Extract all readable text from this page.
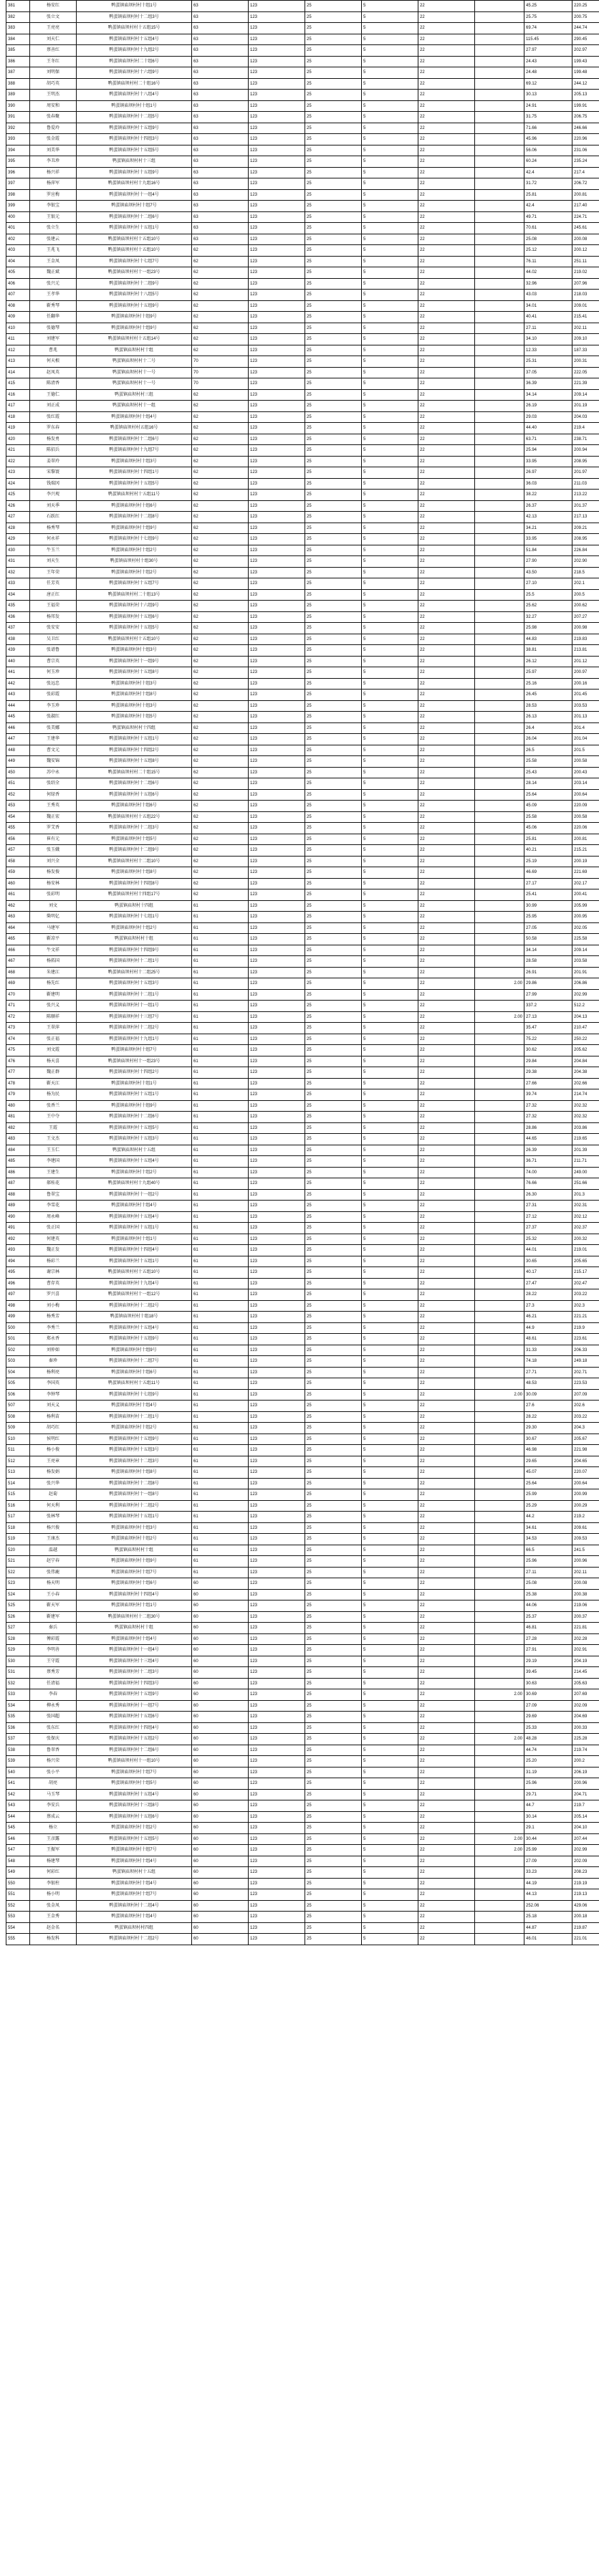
381	杨安红	鸭蛋镇庙坝村村十组1号	63	123	25	5	22		45.25	220.25
382	张立文	鸭蛋镇庙坝村村十二组3号	63	123	25	5	22		25.75	200.75
383	王亮亮	鸭蛋镇庙坝村村十五组15号	63	123	25	5	22		69.74	244.74
384	刘天仁	鸭蛋镇庙坝村村十五组4号	63	123	25	5	22		115.45	290.45
385	蔡善红	鸭蛋镇庙坝村村十九组2号	63	123	25	5	22		27.97	202.97
386	王冬红	鸭蛋镇庙坝村村二十组6号	63	123	25	5	22		24.43	199.43
387	刘明保	鸭蛋镇庙坝村村十六组9号	63	123	25	5	22		24.48	199.48
388	胡巧英	鸭蛋镇庙坝村村二十组16号	63	123	25	5	22		69.12	244.12
389	王明杰	鸭蛋镇庙坝村村十八组4号	63	123	25	5	22		30.13	205.13
390	周安和	鸭蛋镇庙坝村村十组1号	63	123	25	5	22		24.91	199.91
391	张春聚	鸭蛋镇庙坝村村十二组5号	63	123	25	5	22		31.75	206.75
392	鲁爱玲	鸭蛋镇庙坝村村十五组9号	63	123	25	5	22		71.66	246.66
393	张金霞	鸭蛋镇庙坝村村十四组3号	63	123	25	5	22		45.96	220.96
394	刘美华	鸭蛋镇庙坝村村十五组5号	63	123	25	5	22		56.06	231.06
395	李丑珍	鸭蛋镇庙坝村村十三组	63	123	25	5	22		60.24	235.24
396	杨兴祥	鸭蛋镇庙坝村村十五组9号	63	123	25	5	22		42.4	217.4
397	杨萍军	鸭蛋镇庙坝村村十九组16号	63	123	25	5	22		31.72	206.72
398	罗应梅	鸭蛋镇庙坝村村十一组4号	63	123	25	5	22		25.81	200.81
399	李银宝	鸭蛋镇庙坝村村十组7号	63	123	25	5	22		42.4	217.40
400	王银元	鸭蛋镇庙坝村村十二组6号	63	123	25	5	22		49.71	224.71
401	张立生	鸭蛋镇庙坝村村十五组1号	63	123	25	5	22		70.61	245.61
402	张建云	鸭蛋镇庙坝村村十五组10号	63	123	25	5	22		25.08	200.08
403	王兆飞	鸭蛋镇庙坝村村十五组10号	62	123	25	5	22		25.12	200.12
404	王金凤	鸭蛋镇庙坝村村十七组7号	62	123	25	5	22		76.11	251.11
405	魏正斌	鸭蛋镇庙坝村村十一组23号	62	123	25	5	22		44.02	219.02
406	张兴元	鸭蛋镇庙坝村村十二组9号	62	123	25	5	22		32.96	207.96
407	王孝华	鸭蛋镇庙坝村村十八组5号	62	123	25	5	22		43.03	218.03
408	靳秀琴	鸭蛋镇庙坝村村十五组9号	62	123	25	5	22		34.01	209.01
409	任翻华	鸭蛋镇庙坝村村十组9号	62	123	25	5	22		40.41	215.41
410	张德琴	鸭蛋镇庙坝村村十组9号	62	123	25	5	22		27.11	202.11
411	刘建军	鸭蛋镇庙坝村村十五组14号	62	123	25	5	22		34.10	209.10
412	曹兆	鸭蛋镇庙坝村村十组	62	123	25	5	22		12.33	187.33
413	何天根	鸭蛋镇庙坝村村十二号	70	123	25	5	22		25.31	200.31
414	赵凤英	鸭蛋镇庙坝村村十一号	70	123	25	5	22		37.05	222.05
415	陈清香	鸭蛋镇庙坝村村十一号	70	123	25	5	22		36.39	221.39
416	王德仁	鸭蛋镇庙坝村村三组	62	123	25	5	22		34.14	209.14
417	刘正成	鸭蛋镇庙坝村村十一组	62	123	25	5	22		26.19	201.19
418	张红霞	鸭蛋镇庙坝村村十组4号	62	123	25	5	22		29.03	204.03
419	罗东春	鸭蛋镇庙坝村村五组16号	62	123	25	5	22		44.40	219.4
420	杨发勇	鸭蛋镇庙坝村村十二组6号	62	123	25	5	22		63.71	238.71
421	陈招兵	鸭蛋镇庙坝村村十九组7号	62	123	25	5	22		25.94	200.94
422	姜翠玲	鸭蛋镇庙坝村村十组3号	62	123	25	5	22		33.95	208.95
423	宋黎寰	鸭蛋镇庙坝村村十四组1号	62	123	25	5	22		26.97	201.97
424	钱瑞冈	鸭蛋镇庙坝村村十五组5号	62	123	25	5	22		36.03	211.03
425	李兴观	鸭蛋镇庙坝村村十五组11号	62	123	25	5	22		38.22	213.22
426	刘天季	鸭蛋镇庙坝村村十组6号	62	123	25	5	22		26.37	201.37
427	石跃红	鸭蛋镇庙坝村村十二组8号	62	123	25	5	22		42.13	217.13
428	杨秀琴	鸭蛋镇庙坝村村十组9号	62	123	25	5	22		34.21	209.21
429	何永祥	鸭蛋镇庙坝村村十七组9号	62	123	25	5	22		33.95	208.95
430	牛玉兰	鸭蛋镇庙坝村村十组2号	62	123	25	5	22		51.84	226.84
431	刘天生	鸭蛋镇庙坝村村十组30号	62	123	25	5	22		27.90	202.90
432	王年荣	鸭蛋镇庙坝村村十组2号	62	123	25	5	22		43.50	218.5
433	任芳英	鸭蛋镇庙坝村村十五组7号	62	123	25	5	22		27.10	202.1
434	唐正红	鸭蛋镇庙坝村村二十组13号	62	123	25	5	22		25.5	200.5
435	王福荣	鸭蛋镇庙坝村村十六组9号	62	123	25	5	22		25.62	200.62
436	杨邦发	鸭蛋镇庙坝村村十五组6号	62	123	25	5	22		32.27	207.27
437	张安安	鸭蛋镇庙坝村村十五组5号	62	123	25	5	22		25.98	200.98
438	吴卫红	鸭蛋镇庙坝村村十五组10号	62	123	25	5	22		44.83	219.83
439	张谱鲁	鸭蛋镇庙坝村村十组3号	62	123	25	5	22		38.81	213.81
440	曹宗英	鸭蛋镇庙坝村村十一组9号	62	123	25	5	22		26.12	201.12
441	何玉珍	鸭蛋镇庙坝村村十五组8号	62	123	25	5	22		25.97	200.97
442	张远忠	鸭蛋镇庙坝村村十组3号	62	123	25	5	22		25.16	200.16
443	张彩霞	鸭蛋镇庙坝村村十组8号	62	123	25	5	22		26.45	201.45
444	李玉珍	鸭蛋镇庙坝村村十组3号	62	123	25	5	22		28.53	203.53
445	张淑红	鸭蛋镇庙坝村村十组5号	62	123	25	5	22		26.13	201.13
446	张美娜	鸭蛋镇庙坝村村十四组	62	123	25	5	22		26.4	201.4
447	王建华	鸭蛋镇庙坝村村十五组1号	62	123	25	5	22		26.04	201.04
448	曹文元	鸭蛋镇庙坝村村十四组2号	62	123	25	5	22		26.5	201.5
449	魏安锦	鸭蛋镇庙坝村村十五组8号	62	123	25	5	22		25.58	200.58
450	苏中永	鸭蛋镇庙坝村村二十组15号	62	123	25	5	22		25.43	200.43
451	张绍全	鸭蛋镇庙坝村村十二组6号	62	123	25	5	22		28.14	203.14
452	何绿香	鸭蛋镇庙坝村村十五组6号	62	123	25	5	22		25.64	200.64
453	王秀英	鸭蛋镇庙坝村村十组6号	62	123	25	5	22		45.09	220.09
454	魏正宏	鸭蛋镇庙坝村村十五组22号	62	123	25	5	22		25.58	200.58
455	罗艾香	鸭蛋镇庙坝村村十二组3号	62	123	25	5	22		45.06	220.06
456	崔有元	鸭蛋镇庙坝村村十组5号	62	123	25	5	22		25.81	200.81
457	张玉娥	鸭蛋镇庙坝村村十二组9号	62	123	25	5	22		40.21	215.21
458	刘兴全	鸭蛋镇庙坝村村十二组10号	62	123	25	5	22		25.19	200.19
459	杨发俊	鸭蛋镇庙坝村村十组8号	62	123	25	5	22		46.69	221.69
460	杨安林	鸭蛋镇庙坝村村十四组8号	62	123	25	5	22		27.17	202.17
461	张彩明	鸭蛋镇庙坝村村十四组17号	62	123	25	5	22		25.41	200.41
462	刘文	鸭蛋镇庙坝村十四组	61	123	25	5	22		30.99	205.99
463	柴明亿	鸭蛋镇庙坝村村十七组1号	61	123	25	5	22		25.95	200.95
464	马建军	鸭蛋镇庙坝村村十组2号	61	123	25	5	22		27.05	202.05
465	靳凉平	鸭蛋镇庙坝村村十组	61	123	25	5	22		50.58	225.58
466	牛文祥	鸭蛋镇庙坝村村十四组9号	61	123	25	5	22		34.14	209.14
467	杨拓国	鸭蛋镇庙坝村村十二组1号	61	123	25	5	22		28.58	203.58
468	朱建江	鸭蛋镇庙坝村村十二组25号	61	123	25	5	22		26.91	201.91
469	杨先红	鸭蛋镇庙坝村村十五组3号	61	123	25	5	22	2.00	29.86	206.86
470	靳建明	鸭蛋镇庙坝村村十二组1号	61	123	25	5	22		27.99	202.99
471	张兴义	鸭蛋镇庙坝村村十一组1号	61	123	25	5	22		337.2	512.2
472	陈顺祥	鸭蛋镇庙坝村村十三组7号	61	123	25	5	22	2.00	27.13	204.13
473	王翠萍	鸭蛋镇庙坝村村十二组2号	61	123	25	5	22		35.47	210.47
474	张正福	鸭蛋镇庙坝村村十九组1号	61	123	25	5	22		75.22	250.22
475	刘文霞	鸭蛋镇庙坝村村十组7号	61	123	25	5	22		30.62	205.62
476	杨天喜	鸭蛋镇庙坝村村十一组23号	61	123	25	5	22		29.84	204.84
477	魏正群	鸭蛋镇庙坝村村十四组2号	61	123	25	5	22		29.38	204.38
478	靳天江	鸭蛋镇庙坝村村十组1号	61	123	25	5	22		27.66	202.66
479	杨为民	鸭蛋镇庙坝村村十五组1号	61	123	25	5	22		39.74	214.74
480	张香兰	鸭蛋镇庙坝村村十组9号	61	123	25	5	22		27.32	202.32
481	王中夺	鸭蛋镇庙坝村村十二组6号	61	123	25	5	22		27.32	202.32
482	王霞	鸭蛋镇庙坝村村十五组5号	61	123	25	5	22		28.86	203.86
483	王文杰	鸭蛋镇庙坝村村十五组3号	61	123	25	5	22		44.65	219.65
484	王玉仁	鸭蛋镇庙坝村村十五组	61	123	25	5	22		26.39	201.39
485	李建国	鸭蛋镇庙坝村村十五组4号	61	123	25	5	22		36.71	211.71
486	王建生	鸭蛋镇庙坝村村十组2号	61	123	25	5	22		74.00	249.00
487	郝桂花	鸭蛋镇庙坝村村十九组40号	61	123	25	5	22		76.66	251.66
488	鲁翠宝	鸭蛋镇庙坝村村十一组2号	61	123	25	5	22		26.30	201.3
489	李雪花	鸭蛋镇庙坝村村十组4号	61	123	25	5	22		27.31	202.31
490	周永峰	鸭蛋镇庙坝村村十五组4号	61	123	25	5	22		27.12	202.12
491	张正国	鸭蛋镇庙坝村村十五组1号	61	123	25	5	22		27.37	202.37
492	何建英	鸭蛋镇庙坝村村十组1号	61	123	25	5	22		25.32	200.32
493	魏正发	鸭蛋镇庙坝村村十四组4号	61	123	25	5	22		44.01	219.01
494	杨彩兰	鸭蛋镇庙坝村村十五组1号	61	123	25	5	22		30.65	205.65
495	谢宗林	鸭蛋镇庙坝村村十五组10号	61	123	25	5	22		40.17	215.17
496	曹存英	鸭蛋镇庙坝村村十九组4号	61	123	25	5	22		27.47	202.47
497	罗兴喜	鸭蛋镇庙坝村村十一组12号	61	123	25	5	22		28.22	203.22
498	刘小梅	鸭蛋镇庙坝村村十二组2号	61	123	25	5	22		27.3	202.3
499	杨秀芳	鸭蛋镇庙坝村村十组18号	61	123	25	5	22		46.21	221.21
500	李秀兰	鸭蛋镇庙坝村村十五组4号	61	123	25	5	22		44.9	219.9
501	郑永香	鸭蛋镇庙坝村村十五组9号	61	123	25	5	22		48.61	223.61
502	刘仲如	鸭蛋镇庙坝村村十组9号	61	123	25	5	22		31.33	206.33
503	秦珍	鸭蛋镇庙坝村村十二组7号	61	123	25	5	22		74.18	249.18
504	杨利亮	鸭蛋镇庙坝村村十组6号	61	123	25	5	22		27.71	202.71
505	李国英	鸭蛋镇庙坝村村十五组11号	61	123	25	5	22		48.53	223.53
506	李钟琴	鸭蛋镇庙坝村村十七组9号	61	123	25	5	22	2.00	30.09	207.09
507	刘天义	鸭蛋镇庙坝村村十组4号	61	123	25	5	22		27.6	202.6
508	杨利苗	鸭蛋镇庙坝村村十二组1号	61	123	25	5	22		28.22	203.22
509	胡巧红	鸭蛋镇庙坝村村十组2号	61	123	25	5	22		29.30	204.3
510	侯明红	鸭蛋镇庙坝村村十五组9号	61	123	25	5	22		30.67	205.67
511	杨小俊	鸭蛋镇庙坝村村十五组3号	61	123	25	5	22		46.98	221.98
512	王亮章	鸭蛋镇庙坝村村十二组3号	61	123	25	5	22		29.65	204.65
513	杨发娟	鸭蛋镇庙坝村村十组8号	61	123	25	5	22		45.07	220.07
514	张兴华	鸭蛋镇庙坝村村十二组8号	61	123	25	5	22		25.64	200.64
515	赵菊	鸭蛋镇庙坝村村十一组8号	61	123	25	5	22		25.99	200.99
516	何天利	鸭蛋镇庙坝村村十二组2号	61	123	25	5	22		25.29	200.29
517	张林琴	鸭蛋镇庙坝村村十五组1号	61	123	25	5	22		44.2	219.2
518	杨兴俊	鸭蛋镇庙坝村村十组3号	61	123	25	5	22		34.61	209.61
519	王康杰	鸭蛋镇庙坝村村十组2号	61	123	25	5	22		34.53	209.53
520	温越	鸭蛋镇庙坝村村十组	61	123	25	5	22		66.5	241.5
521	赵宁春	鸭蛋镇庙坝村村十组9号	61	123	25	5	22		25.96	200.96
522	张伟鹿	鸭蛋镇庙坝村村十组7号	61	123	25	5	22		27.11	202.11
523	杨天明	鸭蛋镇庙坝村村十组6号	60	123	25	5	22		25.08	200.08
524	王小春	鸭蛋镇庙坝村村十四组4号	60	123	25	5	22		25.38	200.38
525	靳天军	鸭蛋镇庙坝村村十组1号	60	123	25	5	22		44.06	219.06
526	靳建军	鸭蛋镇庙坝村村十二组30号	60	123	25	5	22		25.37	200.37
527	秦兵	鸭蛋镇庙坝村村十组	60	123	25	5	22		46.81	221.81
528	傅彩霞	鸭蛋镇庙坝村村十组4号	60	123	25	5	22		27.28	202.28
529	李明善	鸭蛋镇庙坝村村十一组4号	60	123	25	5	22		27.91	202.91
530	王守霞	鸭蛋镇庙坝村村十三组4号	60	123	25	5	22		29.19	204.19
531	蔡秀芳	鸭蛋镇庙坝村村十二组3号	60	123	25	5	22		39.45	214.45
532	任清福	鸭蛋镇庙坝村村十四组3号	60	123	25	5	22		30.63	205.63
533	李春	鸭蛋镇庙坝村村十五组9号	60	123	25	5	22	2.00	30.69	207.69
534	柳永秀	鸭蛋镇庙坝村村十一组7号	60	123	25	5	22		27.09	202.09
535	张国超	鸭蛋镇庙坝村村十五组6号	60	123	25	5	22		29.69	204.69
536	张东红	鸭蛋镇庙坝村村十四组4号	60	123	25	5	22		25.33	200.33
537	张保庆	鸭蛋镇庙坝村村十五组2号	60	123	25	5	22	2.00	48.28	225.28
538	鲁翠香	鸭蛋镇庙坝村村十二组6号	60	123	25	5	22		44.74	219.74
539	杨兴荣	鸭蛋镇庙坝村村十一组10号	60	123	25	5	22		25.20	200.2
540	张小平	鸭蛋镇庙坝村村十组7号	60	123	25	5	22		31.19	206.19
541	胡亮	鸭蛋镇庙坝村村十组5号	60	123	25	5	22		25.96	200.96
542	马玉琴	鸭蛋镇庙坝村村十五组4号	60	123	25	5	22		29.71	204.71
543	李安兵	鸭蛋镇庙坝村村十三组8号	60	123	25	5	22		44.7	219.7
544	蔡成云	鸭蛋镇庙坝村村十五组6号	60	123	25	5	22		30.14	205.14
545	杨立	鸭蛋镇庙坝村村十组2号	60	123	25	5	22		29.1	204.10
546	王彦露	鸭蛋镇庙坝村村十五组5号	60	123	25	5	22	2.00	30.44	207.44
547	王振军	鸭蛋镇庙坝村村十组7号	60	123	25	5	22	2.00	25.99	202.99
548	杨建琴	鸭蛋镇庙坝村村十组4号	60	123	25	5	22		27.09	202.09
549	何彩红	鸭蛋镇庙坝村村十五组	60	123	25	5	22		33.23	208.23
550	李银柱	鸭蛋镇庙坝村村十组4号	60	123	25	5	22		44.19	219.19
551	杨小明	鸭蛋镇庙坝村村十组7号	60	123	25	5	22		44.13	219.13
552	张金凤	鸭蛋镇庙坝村村十二组4号	60	123	25	5	22		252.06	429.06
553	王金秀	鸭蛋镇庙坝村村十组4号	60	123	25	5	22		25.18	200.18
554	赵金名	鸭蛋镇庙坝村村四组	60	123	25	5	22		44.87	219.87
555	杨发科	鸭蛋镇庙坝村村十二组2号	60	123	25	5	22		46.01	221.01
